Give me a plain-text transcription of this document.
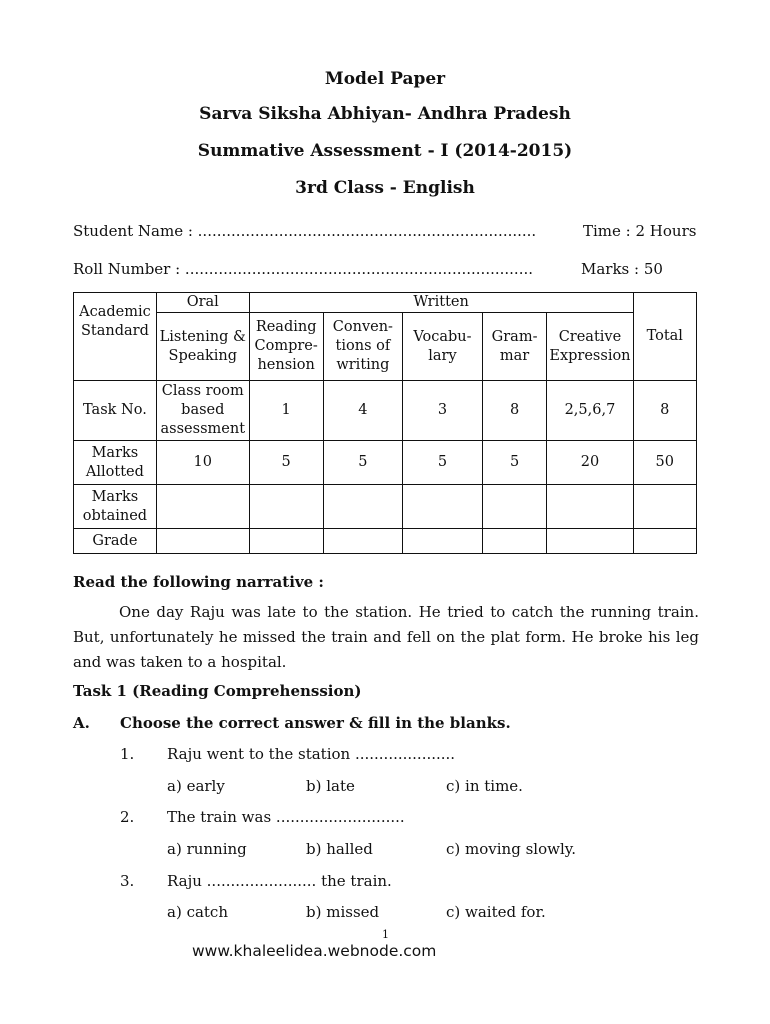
Model Paper
Sarva Siksha Abhiyan- Andhra Pradesh
Summative Assessment - I (2014-2015)
3rd Class - English
Student Name : .......................................................................	Time : 2 Hours
Roll Number : .........................................................................	Marks : 50
Academic Standard	Oral	Written					Total
	Listening & Speaking	Reading Compre-hension	Conven-tions of writing	Vocabu-lary	Gram-mar	Creative Expression	
Task No.	Class room based assessment	1	4	3	8	2,5,6,7	8
Marks Allotted	10	5	5	5	5	20	50
Marks obtained							
Grade							
Read the following narrative :
One day Raju was late to the station. He tried to catch the running train. But, unfortunately he missed the train and fell on the plat form. He broke his leg and was taken to a hospital.
Task 1 (Reading Comprehenssion)
A. Choose the correct answer & fill in the blanks.
1. Raju went to the station .....................
a) early	b) late	c) in time.
2. The train was ...........................
a) running	b) halled	c) moving slowly.
3. Raju ....................... the train.
a) catch	b) missed	c) waited for.
1
www.khaleelidea.webnode.com
